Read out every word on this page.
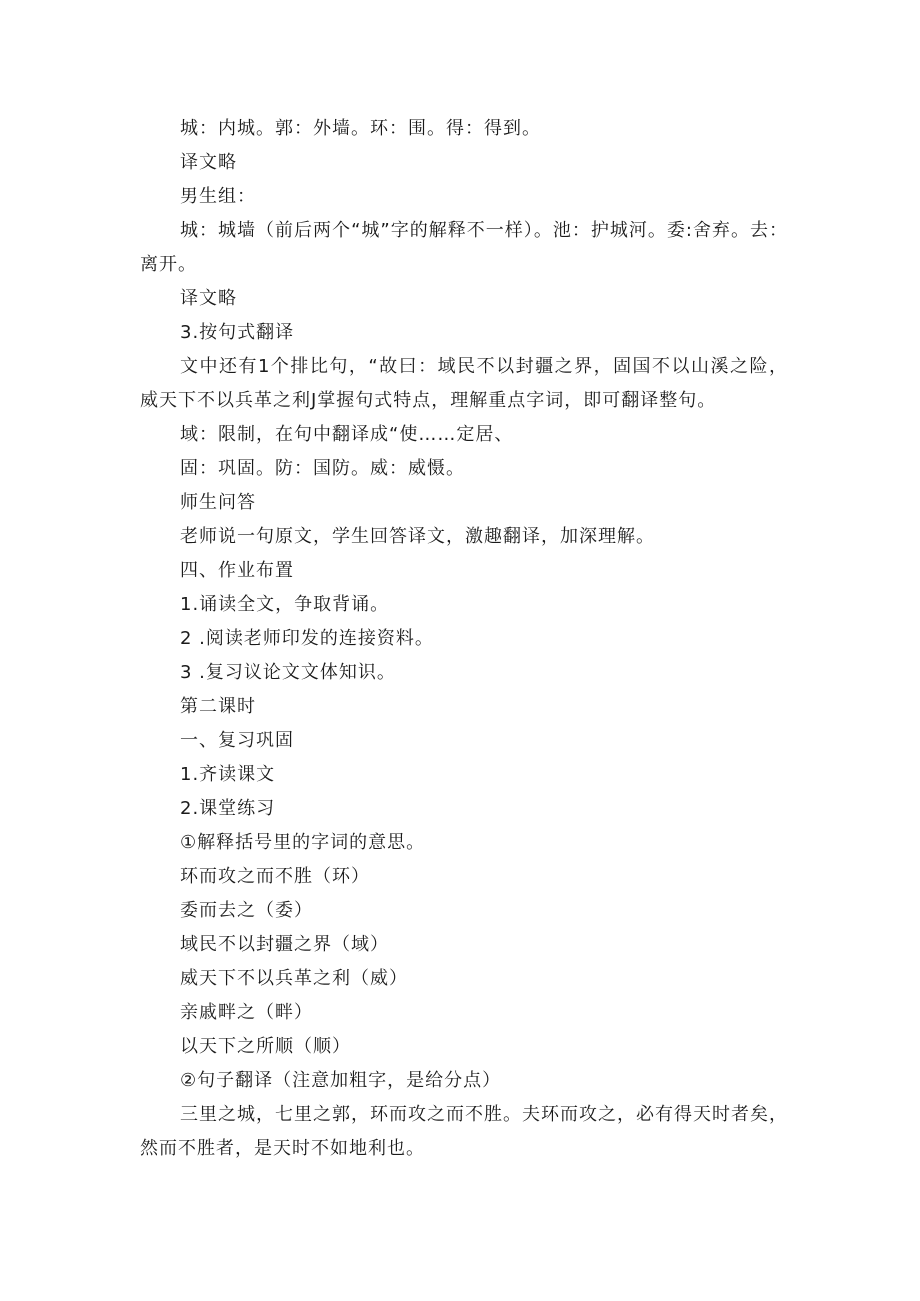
城：内城。郭：外墙。环：围。得：得到。
译文略
男生组：
城：城墙（前后两个“城”字的解释不一样）。池：护城河。委:舍弃。去：离开。
译文略
3.按句式翻译
文中还有1个排比句，“故曰：域民不以封疆之界，固国不以山溪之险，威天下不以兵革之利J掌握句式特点，理解重点字词，即可翻译整句。
域：限制，在句中翻译成“使……定居、
固：巩固。防：国防。威：威慑。
师生问答
老师说一句原文，学生回答译文，激趣翻译，加深理解。
四、作业布置
1.诵读全文，争取背诵。
2 .阅读老师印发的连接资料。
3 .复习议论文文体知识。
第二课时
一、复习巩固
1.齐读课文
2.课堂练习
①解释括号里的字词的意思。
环而攻之而不胜（环）
委而去之（委）
域民不以封疆之界（域）
威天下不以兵革之利（威）
亲戚畔之（畔）
以天下之所顺（顺）
②句子翻译（注意加粗字，是给分点）
三里之城，七里之郭，环而攻之而不胜。夫环而攻之，必有得天时者矣，然而不胜者，是天时不如地利也。
